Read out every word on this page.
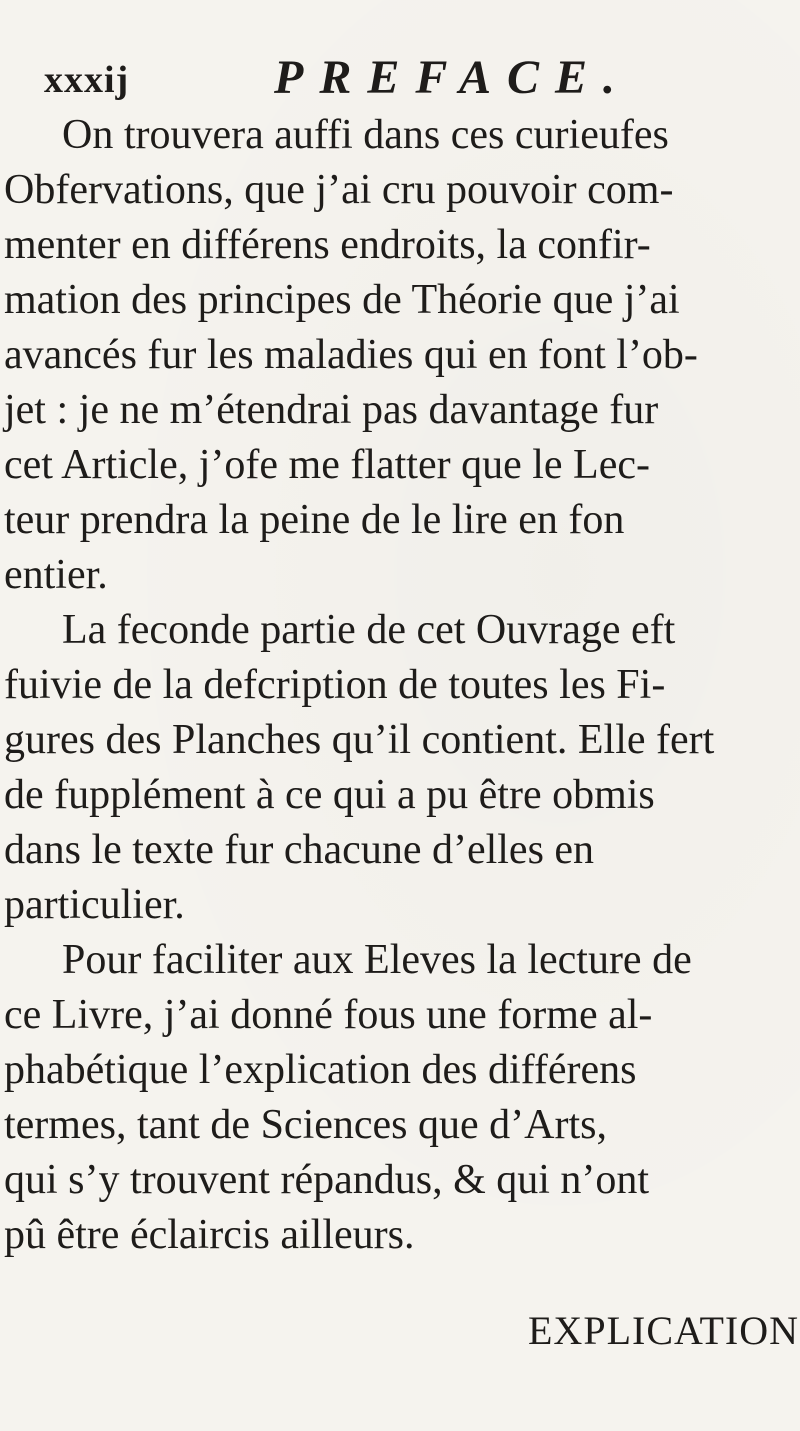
xxxij	PREFACE.
On trouvera auffi dans ces curieufes
Obfervations, que j’ai cru pouvoir com-
menter en différens endroits, la confir-
mation des principes de Théorie que j’ai
avancés fur les maladies qui en font l’ob-
jet : je ne m’étendrai pas davantage fur
cet Article, j’ofe me flatter que le Lec-
teur prendra la peine de le lire en fon
entier.
La feconde partie de cet Ouvrage eft
fuivie de la defcription de toutes les Fi-
gures des Planches qu’il contient. Elle fert
de fupplément à ce qui a pu être obmis
dans le texte fur chacune d’elles en
particulier.
Pour faciliter aux Eleves la lecture de
ce Livre, j’ai donné fous une forme al-
phabétique l’explication des différens
termes, tant de Sciences que d’Arts,
qui s’y trouvent répandus, & qui n’ont
pû être éclaircis ailleurs.
EXPLICATION
